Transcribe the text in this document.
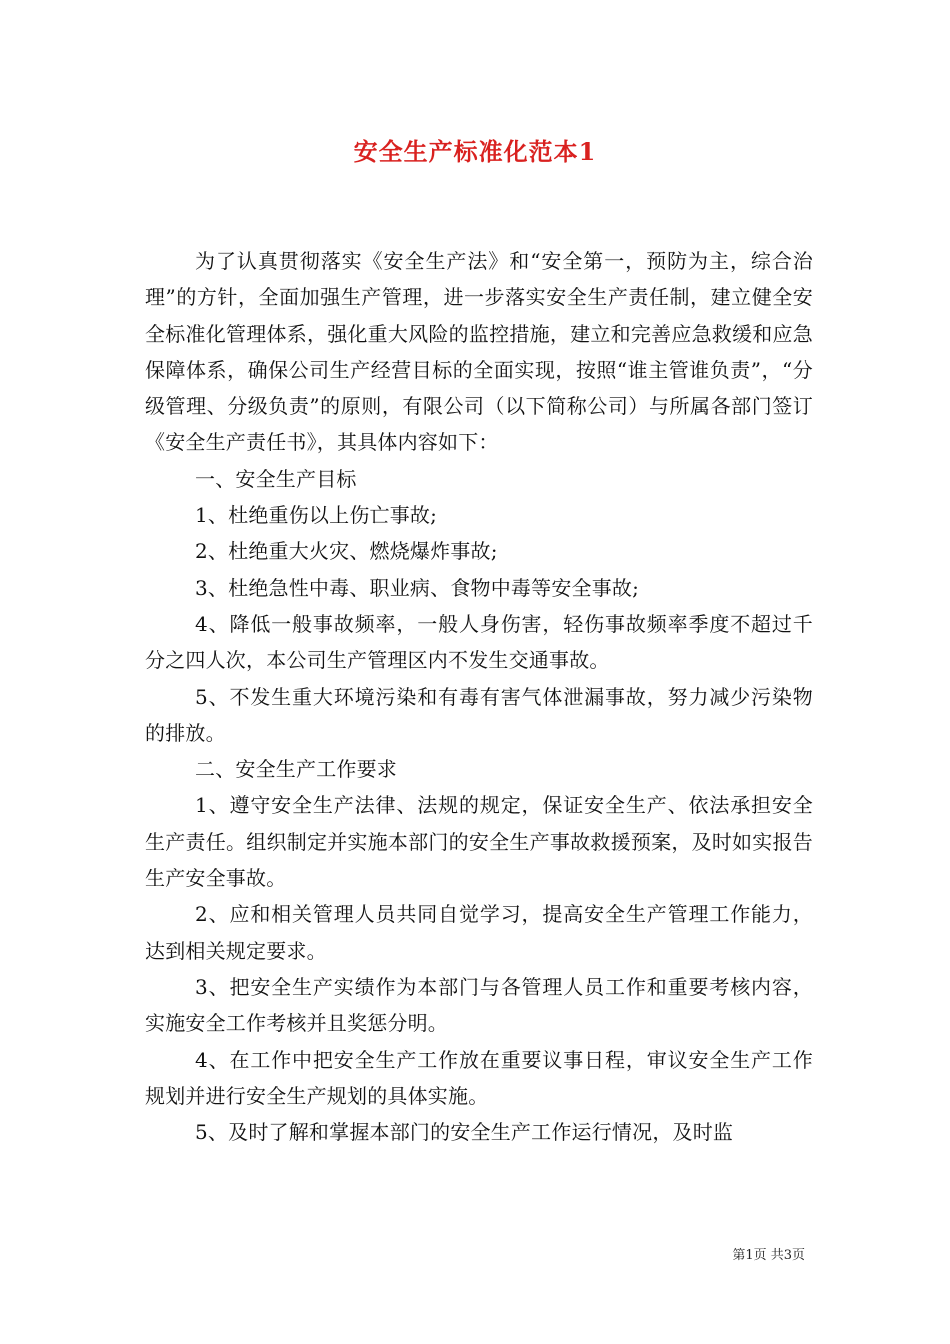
安全生产标准化范本1

为了认真贯彻落实《安全生产法》和“安全第一，预防为主，综合治理”的方针，全面加强生产管理，进一步落实安全生产责任制，建立健全安全标准化管理体系，强化重大风险的监控措施，建立和完善应急救缓和应急保障体系，确保公司生产经营目标的全面实现，按照“谁主管谁负责”，“分级管理、分级负责”的原则，有限公司（以下简称公司）与所属各部门签订《安全生产责任书》，其具体内容如下：

一、安全生产目标

1、杜绝重伤以上伤亡事故;

2、杜绝重大火灾、燃烧爆炸事故;

3、杜绝急性中毒、职业病、食物中毒等安全事故;

4、降低一般事故频率，一般人身伤害，轻伤事故频率季度不超过千分之四人次，本公司生产管理区内不发生交通事故。

5、不发生重大环境污染和有毒有害气体泄漏事故，努力减少污染物的排放。

二、安全生产工作要求

1、遵守安全生产法律、法规的规定，保证安全生产、依法承担安全生产责任。组织制定并实施本部门的安全生产事故救援预案，及时如实报告生产安全事故。

2、应和相关管理人员共同自觉学习，提高安全生产管理工作能力，达到相关规定要求。

3、把安全生产实绩作为本部门与各管理人员工作和重要考核内容，实施安全工作考核并且奖惩分明。

4、在工作中把安全生产工作放在重要议事日程，审议安全生产工作规划并进行安全生产规划的具体实施。

5、及时了解和掌握本部门的安全生产工作运行情况，及时监

第1页 共3页
